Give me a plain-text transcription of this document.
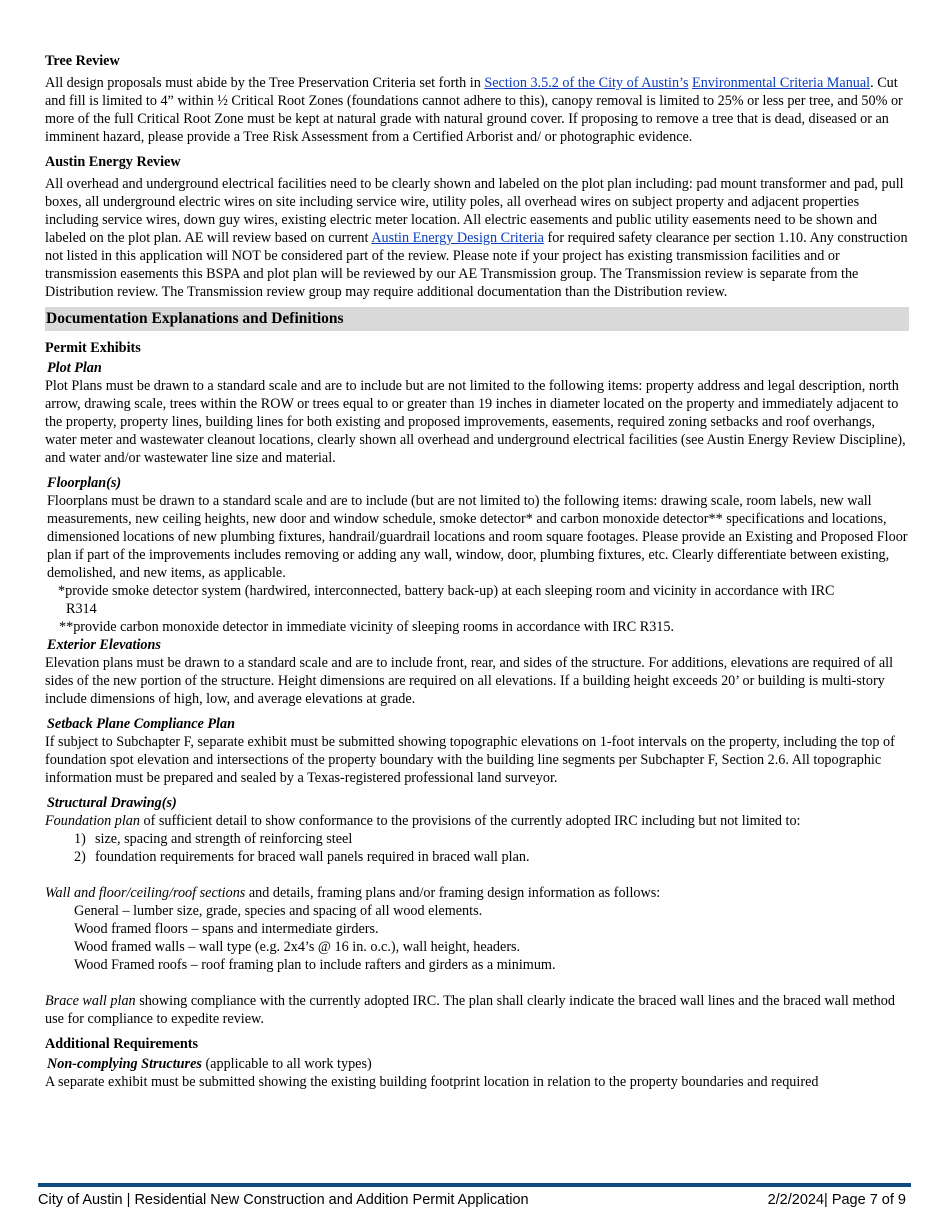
Tree Review

All design proposals must abide by the Tree Preservation Criteria set forth in Section 3.5.2 of the City of Austin’s Environmental Criteria Manual. Cut and fill is limited to 4” within ½ Critical Root Zones (foundations cannot adhere to this), canopy removal is limited to 25% or less per tree, and 50% or more of the full Critical Root Zone must be kept at natural grade with natural ground cover. If proposing to remove a tree that is dead, diseased or an imminent hazard, please provide a Tree Risk Assessment from a Certified Arborist and/ or photographic evidence.

Austin Energy Review

All overhead and underground electrical facilities need to be clearly shown and labeled on the plot plan including: pad mount transformer and pad, pull boxes, all underground electric wires on site including service wire, utility poles, all overhead wires on subject property and adjacent properties including service wires, down guy wires, existing electric meter location. All electric easements and public utility easements need to be shown and labeled on the plot plan. AE will review based on current Austin Energy Design Criteria for required safety clearance per section 1.10. Any construction not listed in this application will NOT be considered part of the review. Please note if your project has existing transmission facilities and or transmission easements this BSPA and plot plan will be reviewed by our AE Transmission group. The Transmission review is separate from the Distribution review. The Transmission review group may require additional documentation than the Distribution review.

Documentation Explanations and Definitions

Permit Exhibits

Plot Plan

Plot Plans must be drawn to a standard scale and are to include but are not limited to the following items: property address and legal description, north arrow, drawing scale, trees within the ROW or trees equal to or greater than 19 inches in diameter located on the property and immediately adjacent to the property, property lines, building lines for both existing and proposed improvements, easements, required zoning setbacks and roof overhangs, water meter and wastewater cleanout locations, clearly shown all overhead and underground electrical facilities (see Austin Energy Review Discipline), and water and/or wastewater line size and material.

Floorplan(s)

Floorplans must be drawn to a standard scale and are to include (but are not limited to) the following items: drawing scale, room labels, new wall measurements, new ceiling heights, new door and window schedule, smoke detector* and carbon monoxide detector** specifications and locations, dimensioned locations of new plumbing fixtures, handrail/guardrail locations and room square footages. Please provide an Existing and Proposed Floor plan if part of the improvements includes removing or adding any wall, window, door, plumbing fixtures, etc. Clearly differentiate between existing, demolished, and new items, as applicable.

*provide smoke detector system (hardwired, interconnected, battery back-up) at each sleeping room and vicinity in accordance with IRC

R314

**provide carbon monoxide detector in immediate vicinity of sleeping rooms in accordance with IRC R315.

Exterior Elevations

Elevation plans must be drawn to a standard scale and are to include front, rear, and sides of the structure. For additions, elevations are required of all sides of the new portion of the structure. Height dimensions are required on all elevations. If a building height exceeds 20’ or building is multi-story include dimensions of high, low, and average elevations at grade.

Setback Plane Compliance Plan

If subject to Subchapter F, separate exhibit must be submitted showing topographic elevations on 1-foot intervals on the property, including the top of foundation spot elevation and intersections of the property boundary with the building line segments per Subchapter F, Section 2.6. All topographic information must be prepared and sealed by a Texas-registered professional land surveyor.

Structural Drawing(s)

Foundation plan of sufficient detail to show conformance to the provisions of the currently adopted IRC including but not limited to:

1) size, spacing and strength of reinforcing steel
2) foundation requirements for braced wall panels required in braced wall plan.

Wall and floor/ceiling/roof sections and details, framing plans and/or framing design information as follows:

General – lumber size, grade, species and spacing of all wood elements.

Wood framed floors – spans and intermediate girders.

Wood framed walls – wall type (e.g. 2x4’s @ 16 in. o.c.), wall height, headers.

Wood Framed roofs – roof framing plan to include rafters and girders as a minimum.

Brace wall plan showing compliance with the currently adopted IRC. The plan shall clearly indicate the braced wall lines and the braced wall method use for compliance to expedite review.

Additional Requirements

Non-complying Structures (applicable to all work types)

A separate exhibit must be submitted showing the existing building footprint location in relation to the property boundaries and required

City of Austin | Residential New Construction and Addition Permit Application	2/2/2024| Page 7 of 9
